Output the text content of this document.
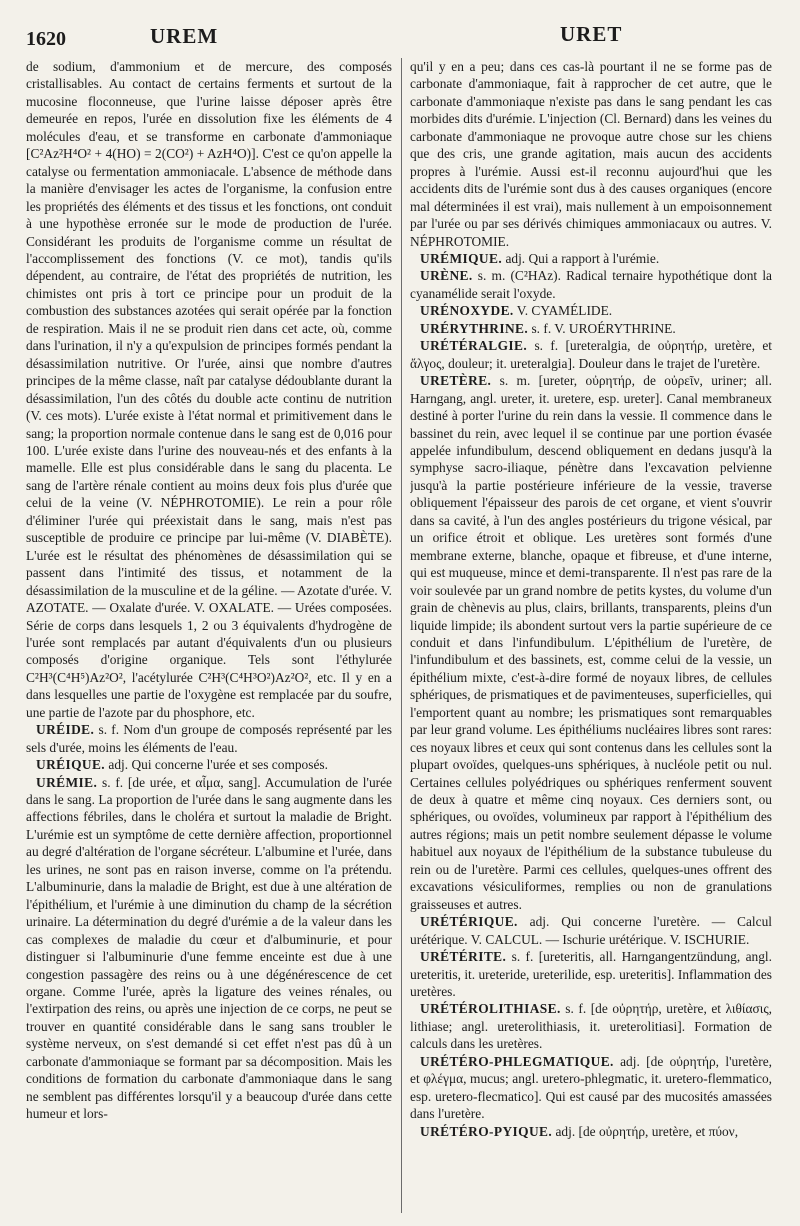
1620	UREM	URET

de sodium, d'ammonium et de mercure, des composés cristallisables. Au contact de certains ferments et surtout de la mucosine floconneuse, que l'urine laisse déposer après être demeurée en repos, l'urée en dissolution fixe les éléments de 4 molécules d'eau, et se transforme en carbonate d'ammoniaque [C²Az²H⁴O² + 4(HO) = 2(CO²) + AzH⁴O)]. C'est ce qu'on appelle la catalyse ou fermentation ammoniacale. L'absence de méthode dans la manière d'envisager les actes de l'organisme, la confusion entre les propriétés des éléments et des tissus et les fonctions, ont conduit à une hypothèse erronée sur le mode de production de l'urée. Considérant les produits de l'organisme comme un résultat de l'accomplissement des fonctions (V. ce mot), tandis qu'ils dépendent, au contraire, de l'état des propriétés de nutrition, les chimistes ont pris à tort ce principe pour un produit de la combustion des substances azotées qui serait opérée par la fonction de respiration. Mais il ne se produit rien dans cet acte, où, comme dans l'urination, il n'y a qu'expulsion de principes formés pendant la désassimilation nutritive. Or l'urée, ainsi que nombre d'autres principes de la même classe, naît par catalyse dédoublante durant la désassimilation, l'un des côtés du double acte continu de nutrition (V. ces mots). L'urée existe à l'état normal et primitivement dans le sang; la proportion normale contenue dans le sang est de 0,016 pour 100. L'urée existe dans l'urine des nouveau-nés et des enfants à la mamelle. Elle est plus considérable dans le sang du placenta. Le sang de l'artère rénale contient au moins deux fois plus d'urée que celui de la veine (V. NÉPHROTOMIE). Le rein a pour rôle d'éliminer l'urée qui préexistait dans le sang, mais n'est pas susceptible de produire ce principe par lui-même (V. DIABÈTE). L'urée est le résultat des phénomènes de désassimilation qui se passent dans l'intimité des tissus, et notamment de la désassimilation de la musculine et de la géline. — Azotate d'urée. V. AZOTATE. — Oxalate d'urée. V. OXALATE. — Urées composées. Série de corps dans lesquels 1, 2 ou 3 équivalents d'hydrogène de l'urée sont remplacés par autant d'équivalents d'un ou plusieurs composés d'origine organique. Tels sont l'éthylurée C²H³(C⁴H⁵)Az²O², l'acétylurée C²H³(C⁴H³O²)Az²O², etc. Il y en a dans lesquelles une partie de l'oxygène est remplacée par du soufre, une partie de l'azote par du phosphore, etc.

URÉIDE. s. f. Nom d'un groupe de composés représenté par les sels d'urée, moins les éléments de l'eau.

URÉIQUE. adj. Qui concerne l'urée et ses composés.

URÉMIE. s. f. [de urée, et αἷμα, sang]. Accumulation de l'urée dans le sang. La proportion de l'urée dans le sang augmente dans les affections fébriles, dans le choléra et surtout la maladie de Bright. L'urémie est un symptôme de cette dernière affection, proportionnel au degré d'altération de l'organe sécréteur. L'albumine et l'urée, dans les urines, ne sont pas en raison inverse, comme on l'a prétendu. L'albuminurie, dans la maladie de Bright, est due à une altération de l'épithélium, et l'urémie à une diminution du champ de la sécrétion urinaire. La détermination du degré d'urémie a de la valeur dans les cas complexes de maladie du cœur et d'albuminurie, et pour distinguer si l'albuminurie d'une femme enceinte est due à une congestion passagère des reins ou à une dégénérescence de cet organe. Comme l'urée, après la ligature des veines rénales, ou l'extirpation des reins, ou après une injection de ce corps, ne peut se trouver en quantité considérable dans le sang sans troubler le système nerveux, on s'est demandé si cet effet n'est pas dû à un carbonate d'ammoniaque se formant par sa décomposition. Mais les conditions de formation du carbonate d'ammoniaque dans le sang ne semblent pas différentes lorsqu'il y a beaucoup d'urée dans cette humeur et lors-

qu'il y en a peu; dans ces cas-là pourtant il ne se forme pas de carbonate d'ammoniaque, fait à rapprocher de cet autre, que le carbonate d'ammoniaque n'existe pas dans le sang pendant les cas morbides dits d'urémie. L'injection (Cl. Bernard) dans les veines du carbonate d'ammoniaque ne provoque autre chose sur les chiens que des cris, une grande agitation, mais aucun des accidents propres à l'urémie. Aussi est-il reconnu aujourd'hui que les accidents dits de l'urémie sont dus à des causes organiques (encore mal déterminées il est vrai), mais nullement à un empoisonnement par l'urée ou par ses dérivés chimiques ammoniacaux ou autres. V. NÉPHROTOMIE.

URÉMIQUE. adj. Qui a rapport à l'urémie.

URÈNE. s. m. (C²HAz). Radical ternaire hypothétique dont la cyanamélide serait l'oxyde.

URÉNOXYDE. V. CYAMÉLIDE.

URÉRYTHRINE. s. f. V. UROÉRYTHRINE.

URÉTÉRALGIE. s. f. [ureteralgia, de οὐρητήρ, uretère, et ἄλγος, douleur; it. ureteralgia]. Douleur dans le trajet de l'uretère.

URETÈRE. s. m. [ureter, οὐρητήρ, de οὐρεῖν, uriner; all. Harngang, angl. ureter, it. uretere, esp. ureter]. Canal membraneux destiné à porter l'urine du rein dans la vessie. Il commence dans le bassinet du rein, avec lequel il se continue par une portion évasée appelée infundibulum, descend obliquement en dedans jusqu'à la symphyse sacro-iliaque, pénètre dans l'excavation pelvienne jusqu'à la partie postérieure inférieure de la vessie, traverse obliquement l'épaisseur des parois de cet organe, et vient s'ouvrir dans sa cavité, à l'un des angles postérieurs du trigone vésical, par un orifice étroit et oblique. Les uretères sont formés d'une membrane externe, blanche, opaque et fibreuse, et d'une interne, qui est muqueuse, mince et demi-transparente. Il n'est pas rare de la voir soulevée par un grand nombre de petits kystes, du volume d'un grain de chènevis au plus, clairs, brillants, transparents, pleins d'un liquide limpide; ils abondent surtout vers la partie supérieure de ce conduit et dans l'infundibulum. L'épithélium de l'uretère, de l'infundibulum et des bassinets, est, comme celui de la vessie, un épithélium mixte, c'est-à-dire formé de noyaux libres, de cellules sphériques, de prismatiques et de pavimenteuses, superficielles, qui l'emportent quant au nombre; les prismatiques sont remarquables par leur grand volume. Les épithéliums nucléaires libres sont rares: ces noyaux libres et ceux qui sont contenus dans les cellules sont la plupart ovoïdes, quelques-uns sphériques, à nucléole petit ou nul. Certaines cellules polyédriques ou sphériques renferment souvent de deux à quatre et même cinq noyaux. Ces derniers sont, ou sphériques, ou ovoïdes, volumineux par rapport à l'épithélium des autres régions; mais un petit nombre seulement dépasse le volume habituel aux noyaux de l'épithélium de la substance tubuleuse du rein ou de l'uretère. Parmi ces cellules, quelques-unes offrent des excavations vésiculiformes, remplies ou non de granulations graisseuses et autres.

URÉTÉRIQUE. adj. Qui concerne l'uretère. — Calcul urétérique. V. CALCUL. — Ischurie urétérique. V. ISCHURIE.

URÉTÉRITE. s. f. [ureteritis, all. Harngangentzündung, angl. ureteritis, it. ureteride, ureterilide, esp. ureteritis]. Inflammation des uretères.

URÉTÉROLITHIASE. s. f. [de οὐρητήρ, uretère, et λιθίασις, lithiase; angl. ureterolithiasis, it. ureterolitiasi]. Formation de calculs dans les uretères.

URÉTÉRO-PHLEGMATIQUE. adj. [de οὐρητήρ, l'uretère, et φλέγμα, mucus; angl. uretero-phlegmatic, it. uretero-flemmatico, esp. uretero-flecmatico]. Qui est causé par des mucosités amassées dans l'uretère.

URÉTÉRO-PYIQUE. adj. [de οὐρητήρ, uretère, et πύον,
